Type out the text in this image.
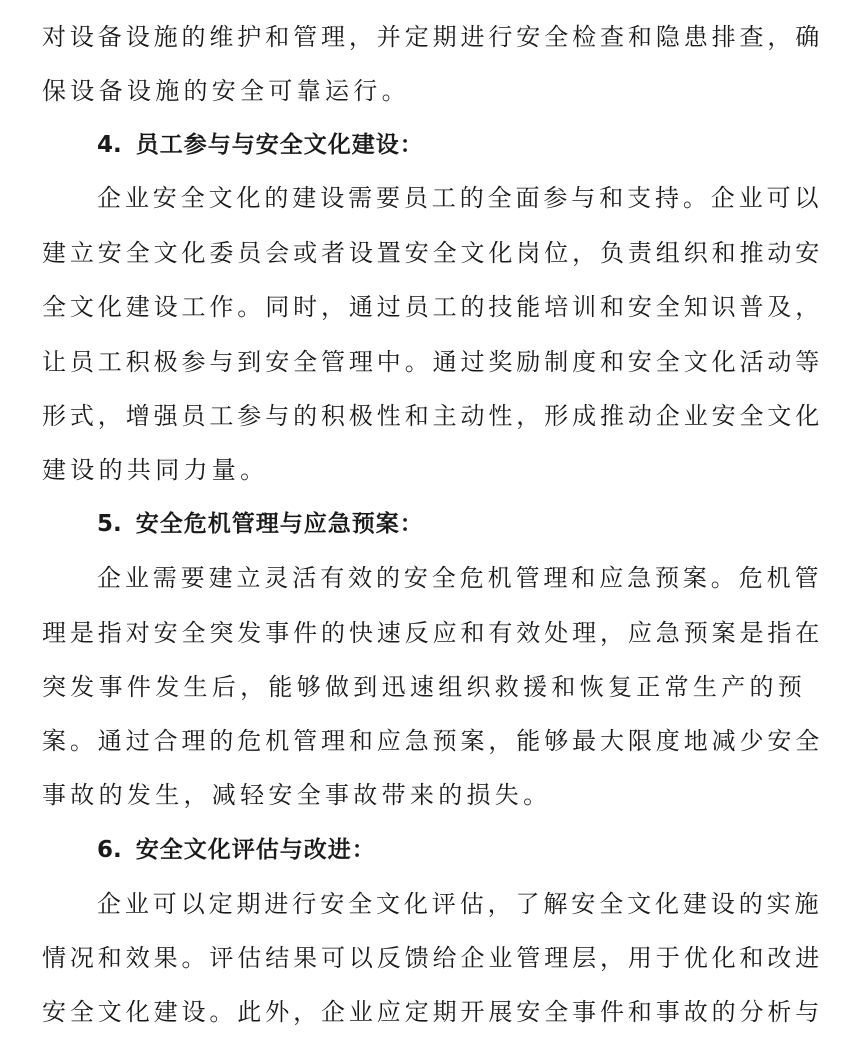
对设备设施的维护和管理，并定期进行安全检查和隐患排查，确
保设备设施的安全可靠运行。
4. 员工参与与安全文化建设：
企业安全文化的建设需要员工的全面参与和支持。企业可以
建立安全文化委员会或者设置安全文化岗位，负责组织和推动安
全文化建设工作。同时，通过员工的技能培训和安全知识普及，
让员工积极参与到安全管理中。通过奖励制度和安全文化活动等
形式，增强员工参与的积极性和主动性，形成推动企业安全文化
建设的共同力量。
5. 安全危机管理与应急预案：
企业需要建立灵活有效的安全危机管理和应急预案。危机管
理是指对安全突发事件的快速反应和有效处理，应急预案是指在
突发事件发生后，能够做到迅速组织救援和恢复正常生产的预
案。通过合理的危机管理和应急预案，能够最大限度地减少安全
事故的发生，减轻安全事故带来的损失。
6. 安全文化评估与改进：
企业可以定期进行安全文化评估，了解安全文化建设的实施
情况和效果。评估结果可以反馈给企业管理层，用于优化和改进
安全文化建设。此外，企业应定期开展安全事件和事故的分析与
